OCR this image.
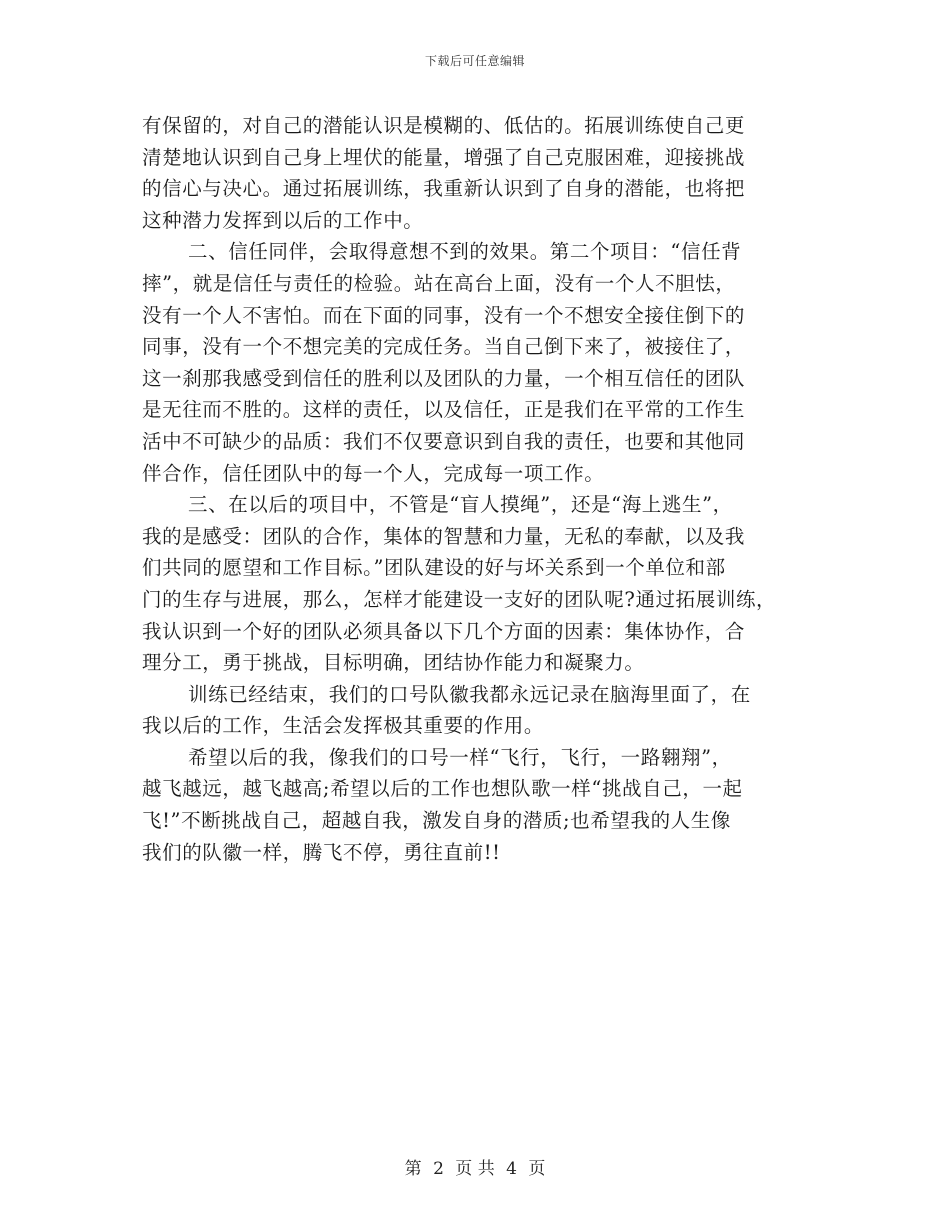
下载后可任意编辑
有保留的，对自己的潜能认识是模糊的、低估的。拓展训练使自己更
清楚地认识到自己身上埋伏的能量，增强了自己克服困难，迎接挑战
的信心与决心。通过拓展训练，我重新认识到了自身的潜能，也将把
这种潜力发挥到以后的工作中。
二、信任同伴，会取得意想不到的效果。第二个项目：“信任背
摔”，就是信任与责任的检验。站在高台上面，没有一个人不胆怯，
没有一个人不害怕。而在下面的同事，没有一个不想安全接住倒下的
同事，没有一个不想完美的完成任务。当自己倒下来了，被接住了，
这一刹那我感受到信任的胜利以及团队的力量，一个相互信任的团队
是无往而不胜的。这样的责任，以及信任，正是我们在平常的工作生
活中不可缺少的品质：我们不仅要意识到自我的责任，也要和其他同
伴合作，信任团队中的每一个人，完成每一项工作。
三、在以后的项目中，不管是“盲人摸绳”，还是“海上逃生”，
我的是感受：团队的合作，集体的智慧和力量，无私的奉献，以及我
们共同的愿望和工作目标。”团队建设的好与坏关系到一个单位和部
门的生存与进展，那么，怎样才能建设一支好的团队呢?通过拓展训练，
我认识到一个好的团队必须具备以下几个方面的因素：集体协作，合
理分工，勇于挑战，目标明确，团结协作能力和凝聚力。
训练已经结束，我们的口号队徽我都永远记录在脑海里面了，在
我以后的工作，生活会发挥极其重要的作用。
希望以后的我，像我们的口号一样“飞行，飞行，一路翱翔”，
越飞越远，越飞越高;希望以后的工作也想队歌一样“挑战自己，一起
飞!”不断挑战自己，超越自我，激发自身的潜质;也希望我的人生像
我们的队徽一样，腾飞不停，勇往直前!!
第 2 页 共 4 页
